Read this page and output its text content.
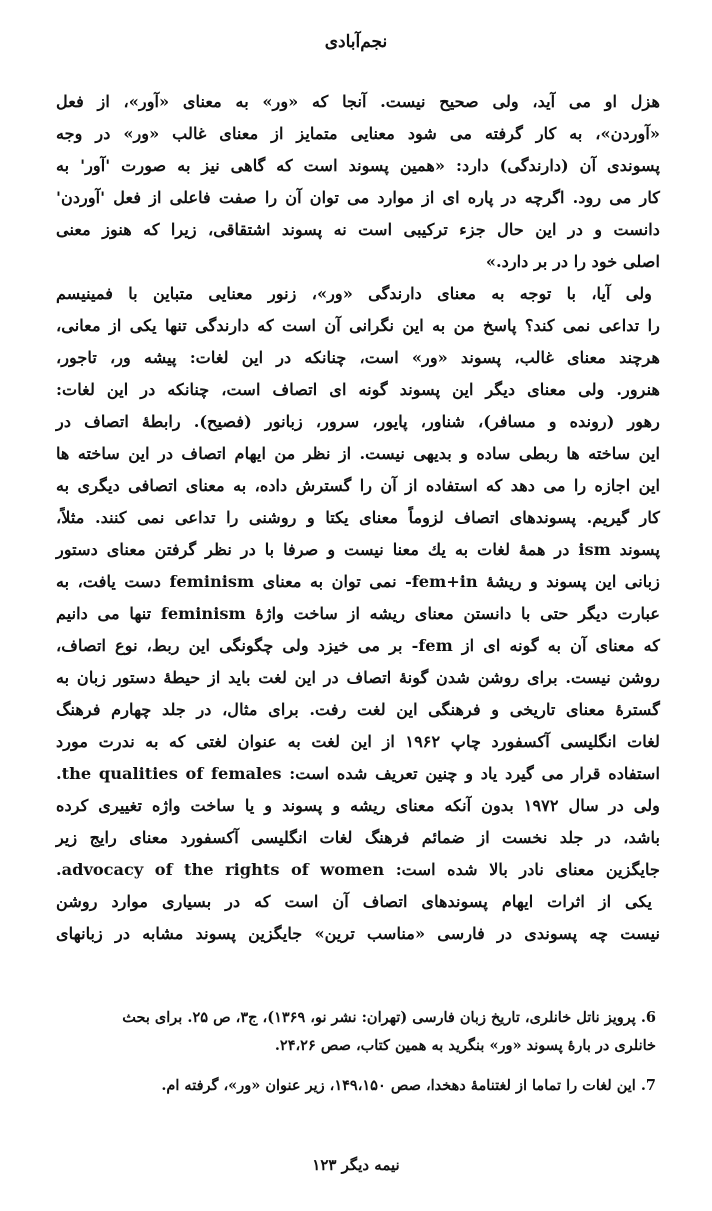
نجم‌آبادی
هزل او می آید، ولی صحیح نیست. آنجا که «ور» به معنای «آور»، از فعل
«آوردن»، به کار گرفته می شود معنایی متمایز از معنای غالب «ور» در وجه
پسوندی آن (دارندگی) دارد: «همین پسوند است که گاهی نیز به صورت 'آور' به
کار می رود. اگرچه در پاره ای از موارد می توان آن را صفت فاعلی از فعل 'آوردن'
دانست و در این حال جزء ترکیبی است نه پسوند اشتقاقی، زیرا که هنوز معنی
اصلی خود را در بر دارد.»
ولی آیا، با توجه به معنای دارندگی «ور»، زنور معنایی متباین با فمینیسم
را تداعی نمی کند؟ پاسخ من به این نگرانی آن است که دارندگی تنها یکی از معانی،
هرچند معنای غالب، پسوند «ور» است، چنانکه در این لغات: پیشه ور، تاجور،
هنرور. ولی معنای دیگر این پسوند گونه ای اتصاف است، چنانکه در این لغات:
رهور (رونده و مسافر)، شناور، پایور، سرور، زبانور (فصیح). رابطهٔ اتصاف در
این ساخته ها ربطی ساده و بدیهی نیست. از نظر من ایهام اتصاف در این ساخته ها
این اجازه را می دهد که استفاده از آن را گسترش داده، به معنای اتصافی دیگری به
کار گیریم. پسوندهای اتصاف لزوماً معنای یکتا و روشنی را تداعی نمی کنند. مثلاً،
پسوند ism در همهٔ لغات به یك معنا نیست و صرفا با در نظر گرفتن معنای دستور
زبانی این پسوند و ریشهٔ fem+in- نمی توان به معنای feminism دست یافت، به
عبارت دیگر حتی با دانستن معنای ریشه از ساخت واژهٔ feminism تنها می دانیم
که معنای آن به گونه ای از fem- بر می خیزد ولی چگونگی این ربط، نوع اتصاف،
روشن نیست. برای روشن شدن گونهٔ اتصاف در این لغت باید از حیطهٔ دستور زبان به
گسترهٔ معنای تاریخی و فرهنگی این لغت رفت. برای مثال، در جلد چهارم فرهنگ
لغات انگلیسی آکسفورد چاپ ۱۹۶۲ از این لغت به عنوان لغتی که به ندرت مورد
استفاده قرار می گیرد یاد و چنین تعریف شده است: the qualities of females.
ولی در سال ۱۹۷۲ بدون آنکه معنای ریشه و پسوند و یا ساخت واژه تغییری کرده
باشد، در جلد نخست از ضمائم فرهنگ لغات انگلیسی آکسفورد معنای رایج زیر
جایگزین معنای نادر بالا شده است: advocacy of the rights of women.
یکی از اثرات ایهام پسوندهای اتصاف آن است که در بسیاری موارد روشن
نیست چه پسوندی در فارسی «مناسب ترین» جایگزین پسوند مشابه در زبانهای
6. پرویز ناتل خانلری، تاریخ زبان فارسی (تهران: نشر نو، ۱۳۶۹)، ج۳، ص ۲۵. برای بحث
خانلری در بارهٔ پسوند «ور» بنگرید به همین کتاب، صص ۲۴،۲۶.
7. این لغات را تماما از لغتنامهٔ دهخدا، صص ۱۴۹،۱۵۰، زیر عنوان «ور»، گرفته ام.
نیمه دیگر ۱۲۳
